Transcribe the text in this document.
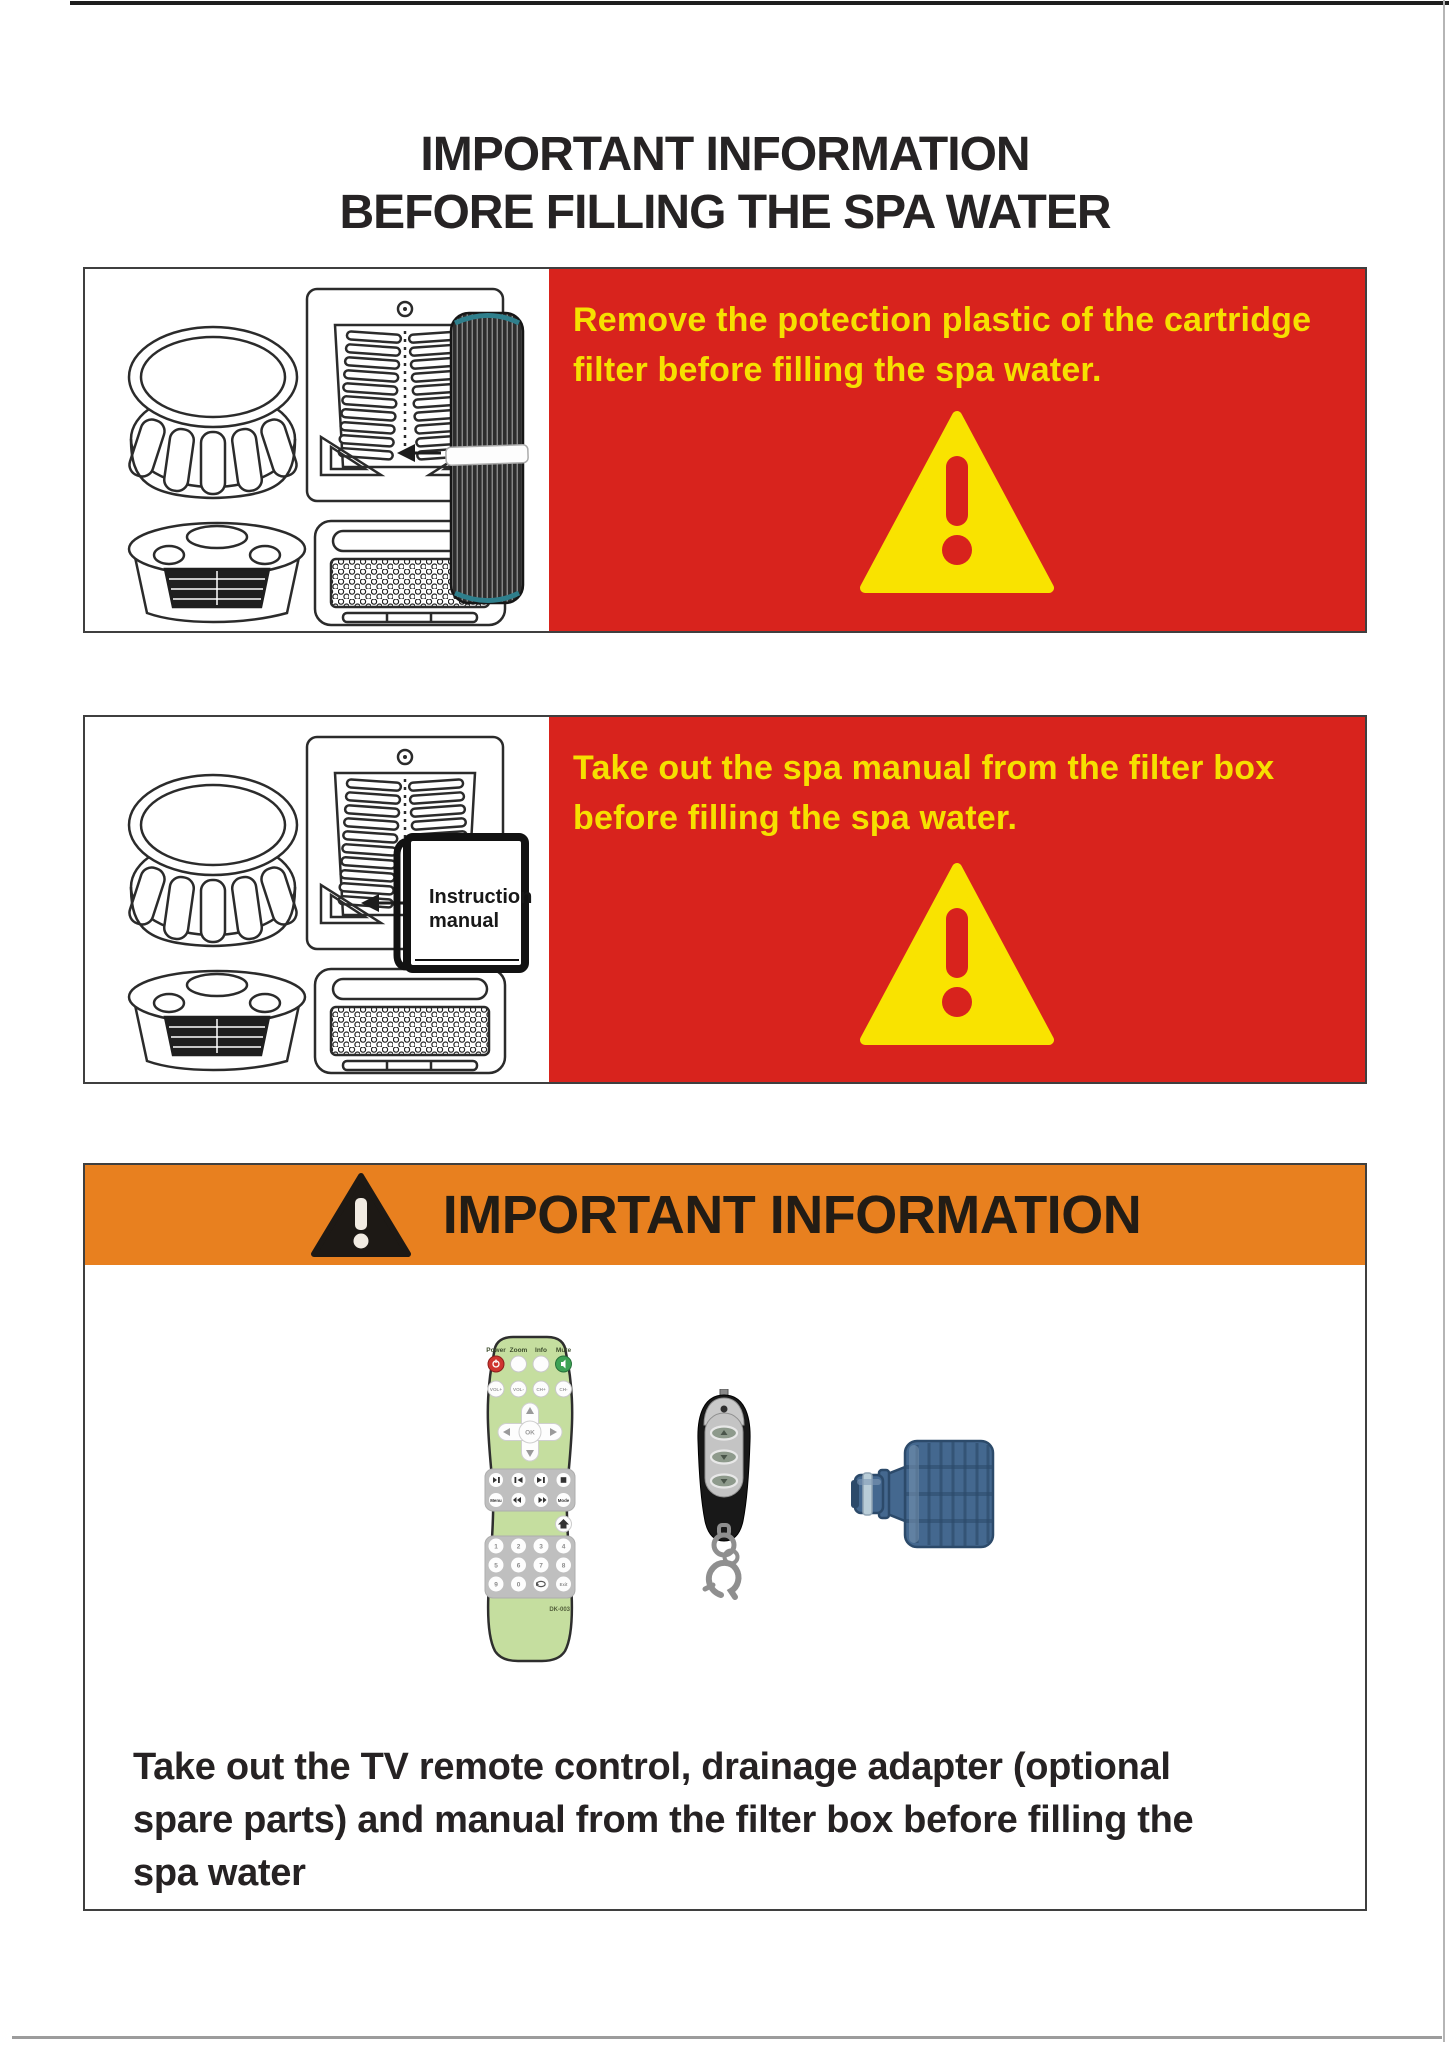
IMPORTANT INFORMATION
BEFORE FILLING THE SPA WATER
Remove the potection plastic of the cartridge
filter before filling the spa water.
Instruction
manual
Take out the spa manual from the filter box
before filling the spa water.
IMPORTANT INFORMATION
Power Zoom Info Mute
VOL+ VOL-	CH+	CH-
OK
Menu	Mode
1	2	3	4
5	6	7	8
9	0	Exit
DK-003
Take out the TV remote control, drainage adapter (optional
spare parts) and manual from the filter box before filling the
spa water
